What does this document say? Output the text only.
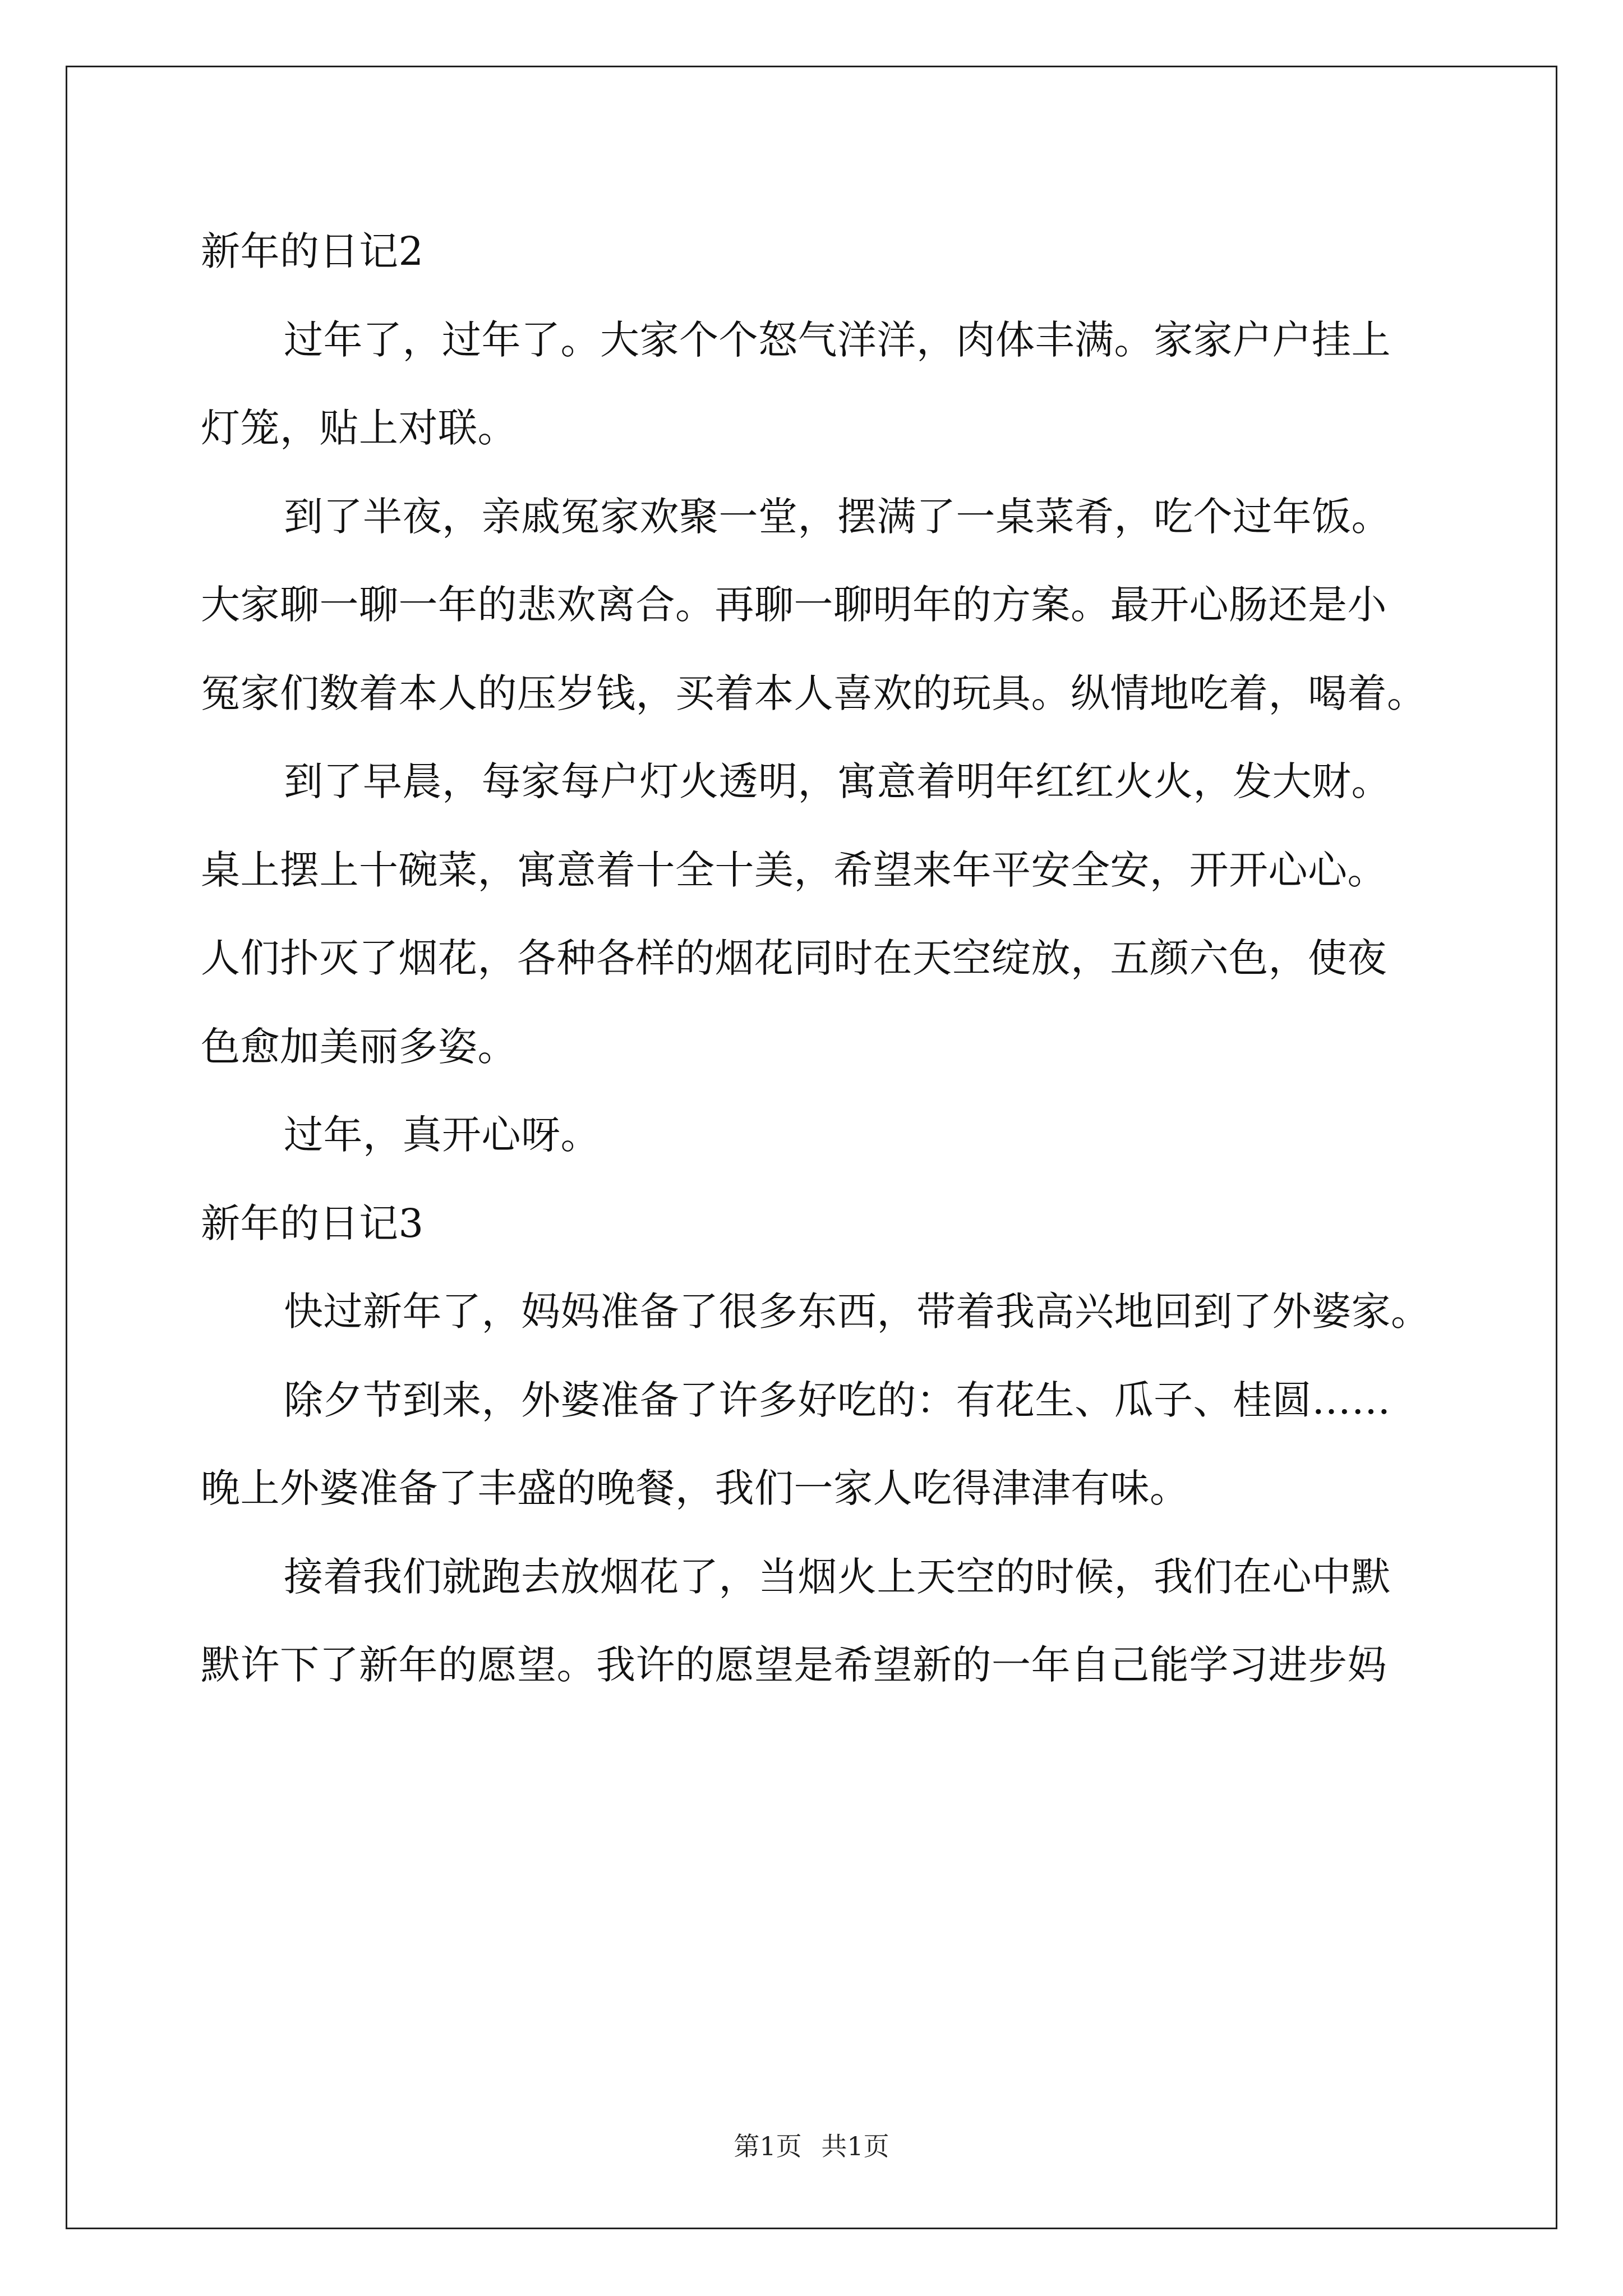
新年的日记2
过年了，过年了。大家个个怒气洋洋，肉体丰满。家家户户挂上
灯笼，贴上对联。
到了半夜，亲戚冤家欢聚一堂，摆满了一桌菜肴，吃个过年饭。
大家聊一聊一年的悲欢离合。再聊一聊明年的方案。最开心肠还是小
冤家们数着本人的压岁钱，买着本人喜欢的玩具。纵情地吃着，喝着。
到了早晨，每家每户灯火透明，寓意着明年红红火火，发大财。
桌上摆上十碗菜，寓意着十全十美，希望来年平安全安，开开心心。
人们扑灭了烟花，各种各样的烟花同时在天空绽放，五颜六色，使夜
色愈加美丽多姿。
过年，真开心呀。
新年的日记3
快过新年了，妈妈准备了很多东西，带着我高兴地回到了外婆家。
除夕节到来，外婆准备了许多好吃的：有花生、瓜子、桂圆……
晚上外婆准备了丰盛的晚餐，我们一家人吃得津津有味。
接着我们就跑去放烟花了，当烟火上天空的时候，我们在心中默
默许下了新年的愿望。我许的愿望是希望新的一年自己能学习进步妈
第1页 共1页
